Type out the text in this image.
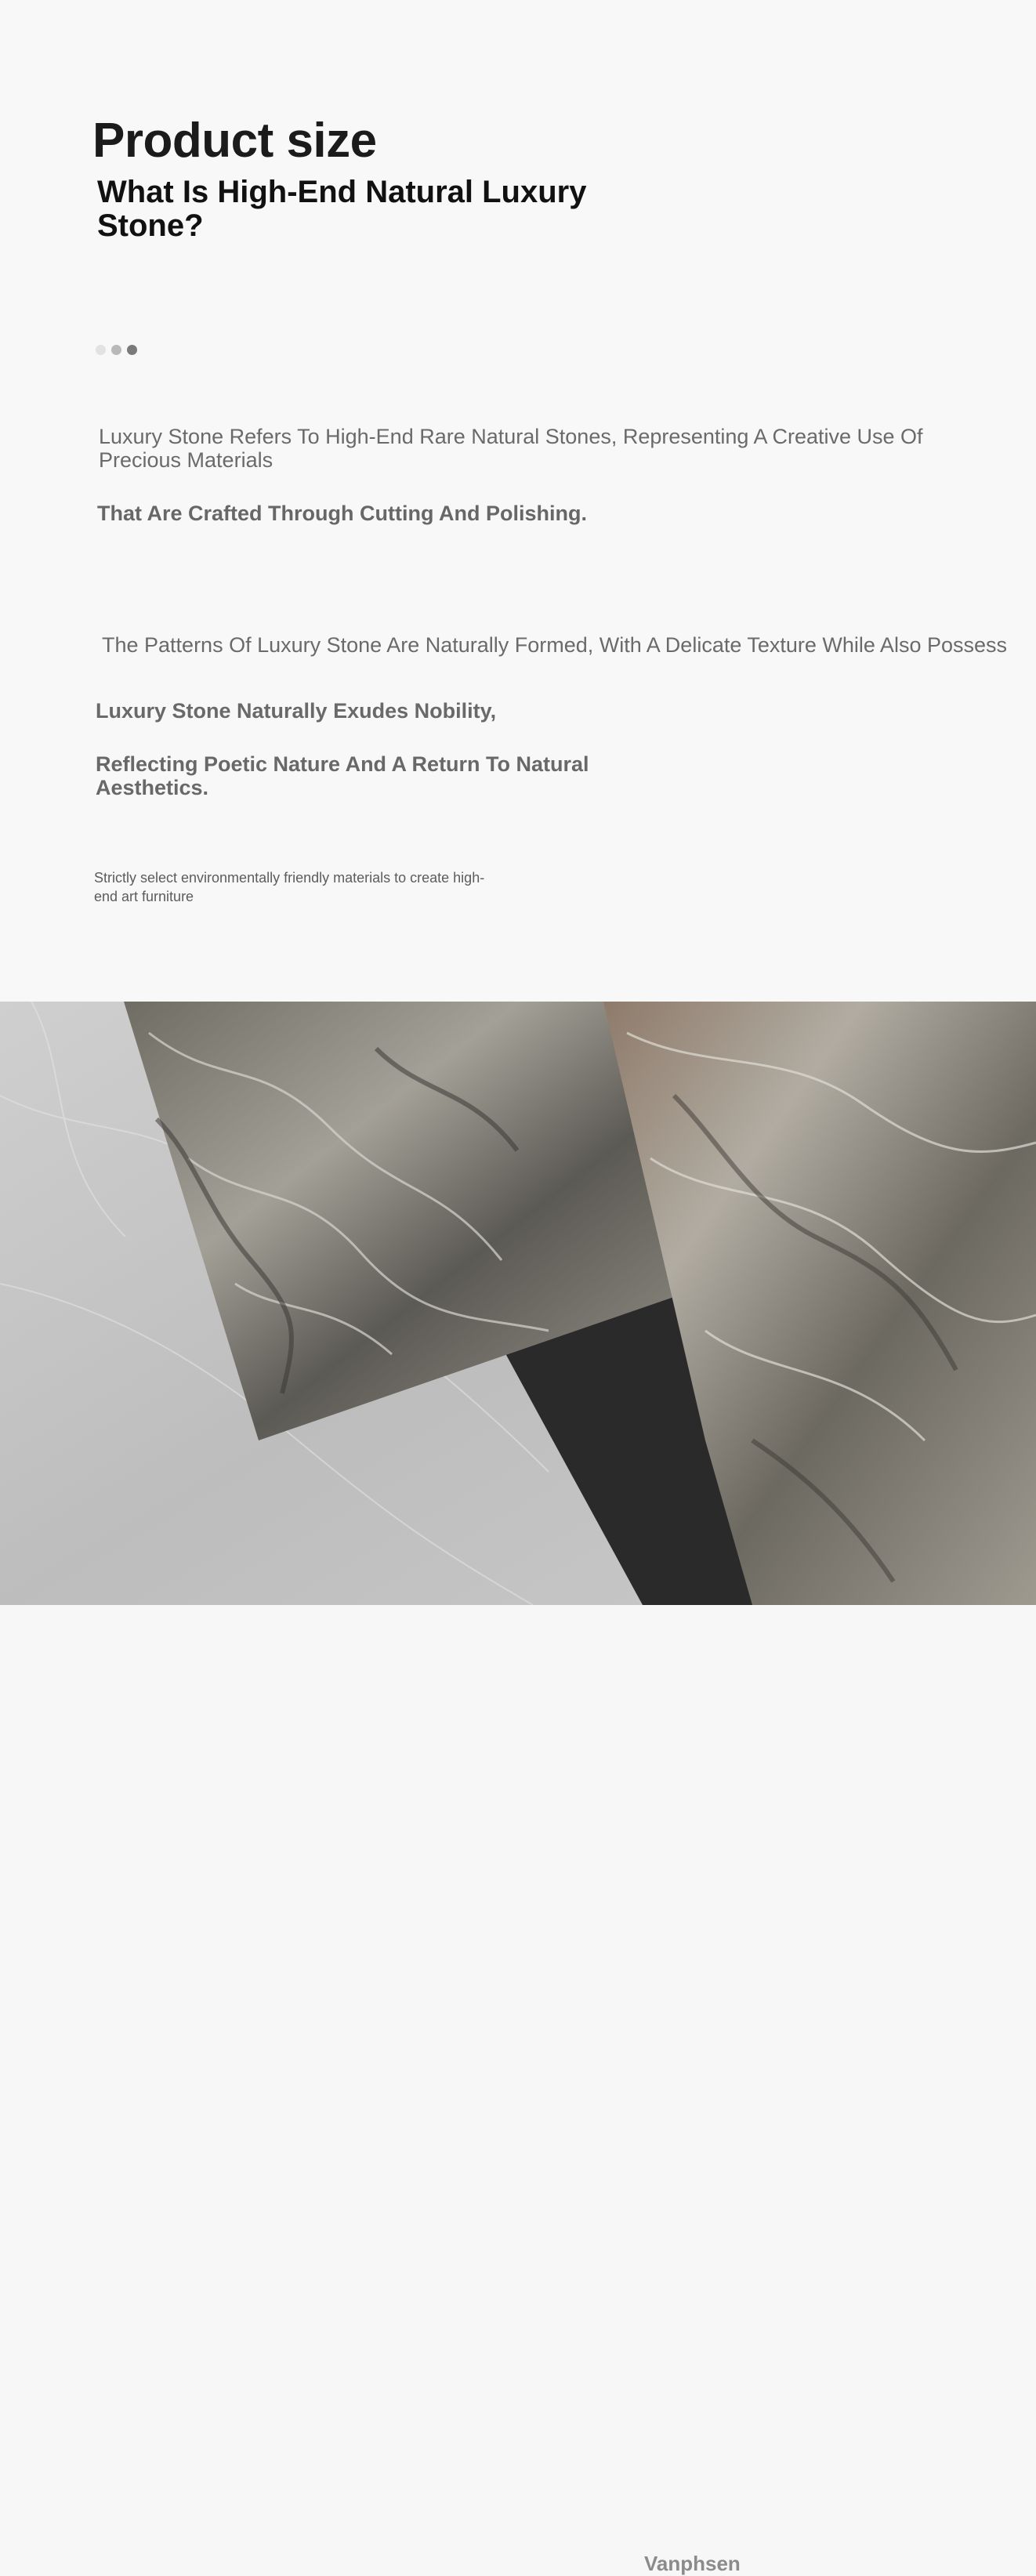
Product size
What Is High-End Natural Luxury Stone?

Luxury Stone Refers To High-End Rare Natural Stones, Representing A Creative Use Of Precious Materials

That Are Crafted Through Cutting And Polishing.

The Patterns Of Luxury Stone Are Naturally Formed, With A Delicate Texture While Also Possess

Luxury Stone Naturally Exudes Nobility,

Reflecting Poetic Nature And A Return To Natural Aesthetics.

Strictly select environmentally friendly materials to create high-end art furniture

Vanphsen
